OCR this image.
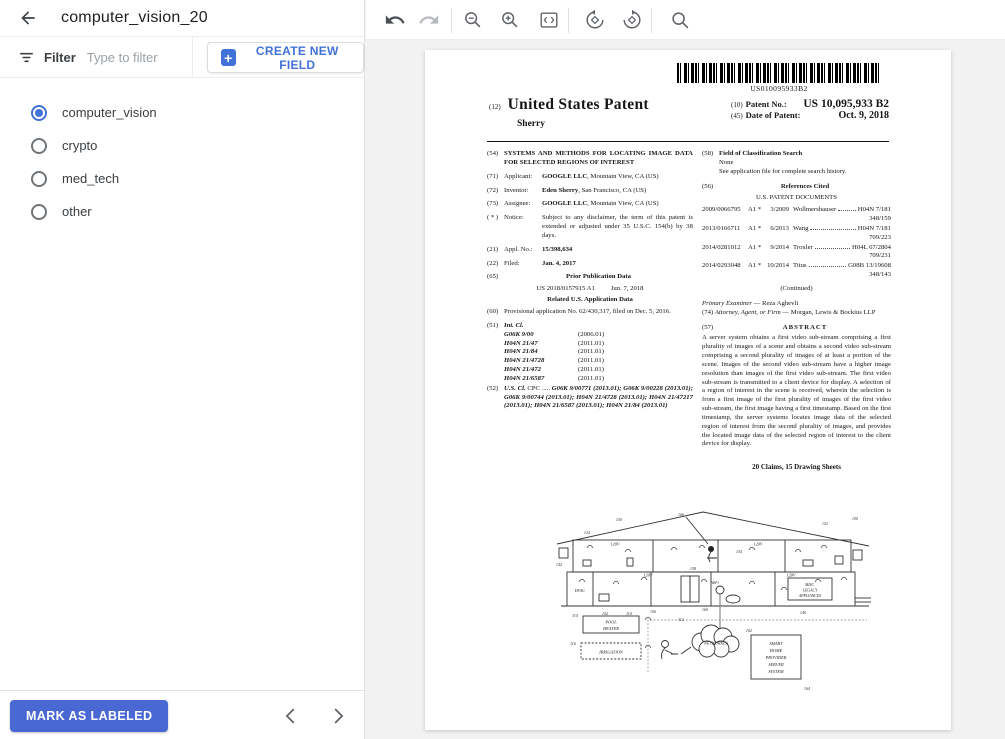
computer_vision_20
Filter
Type to filter	+	CREATE NEW FIELD
computer_vision
crypto
med_tech
other
MARK AS LABELED
US010095933B2
(12) United States Patent
Sherry
(10) Patent No.: US 10,095,933 B2
(45) Date of Patent:	Oct. 9, 2018
(54) SYSTEMS AND METHODS FOR LOCATING IMAGE DATA FOR SELECTED REGIONS OF INTEREST
(71) Applicant:	GOOGLE LLC, Mountain View, CA (US)
(72) Inventor:	Eden Sherry, San Francisco, CA (US)
(73) Assignee:	GOOGLE LLC, Mountain View, CA (US)
( * ) Notice:	Subject to any disclaimer, the term of this patent is extended or adjusted under 35 U.S.C. 154(b) by 38 days.
(21) Appl. No.:	15/398,634
(22) Filed:	Jan. 4, 2017
(65)	Prior Publication Data
US 2018/0157915 A1 Jun. 7, 2018
Related U.S. Application Data
(60) Provisional application No. 62/430,317, filed on Dec. 5, 2016.
(51) Int. Cl.
G06K 9/00	(2006.01)
H04N 21/47	(2011.01)
H04N 21/84	(2011.01)
H04N 21/4728	(2011.01)
H04N 21/472	(2011.01)
H04N 21/6587	(2011.01)
(52) U.S. Cl. CPC ..... G06K 9/00771 (2013.01); G06K 9/00228 (2013.01); G06K 9/00744 (2013.01); H04N 21/4728 (2013.01); H04N 21/47217 (2013.01); H04N 21/6587 (2013.01); H04N 21/84 (2013.01)
(58) Field of Classification Search
None
See application file for complete search history.
(56)	References Cited
U.S. PATENT DOCUMENTS
2009/0066795	A1 *	3/2009 Wollmershauser	H04N 7/181
348/159
2013/0166711	A1 *	6/2013 Wang	H04N 7/181
709/223
2014/0281012	A1 *	9/2014 Troxler	H04L 67/2804
709/231
2014/0293048	A1 * 10/2014 Titus	G08B 13/19608
348/143
(Continued)
Primary Examiner — Reza Aghevli
(74) Attorney, Agent, or Firm — Morgan, Lewis & Bockius LLP
(57)	ABSTRACT
A server system obtains a first video sub-stream comprising a first plurality of images of a scene and obtains a second video sub-stream comprising a second plurality of images of at least a portion of the scene. Images of the second video sub-stream have a higher image resolution than images of the first video sub-stream. The first video sub-stream is transmitted to a client device for display. A selection of a region of interest in the scene is received, wherein the selection is from a first image of the first plurality of images of the first video sub-stream, the first image having a first timestamp. Based on the first timestamp, the server systems locates image data of the selected region of interest from the second plurality of images, and provides the located image data of the selected region of interest to the client device for display.
20 Claims, 15 Drawing Sheets
120V	120V
120V	120V
HVAC
WiFi
POOL
HEATER
IRRIGATION
NETWORK(S)
MISC.
LEGACY
APPLIANCES
SMART
HOME
PROVIDER
SERVER
SYSTEM
100
150
166
152
124
142
114
116
102	110
112
106	160
162
164
140
154
158
